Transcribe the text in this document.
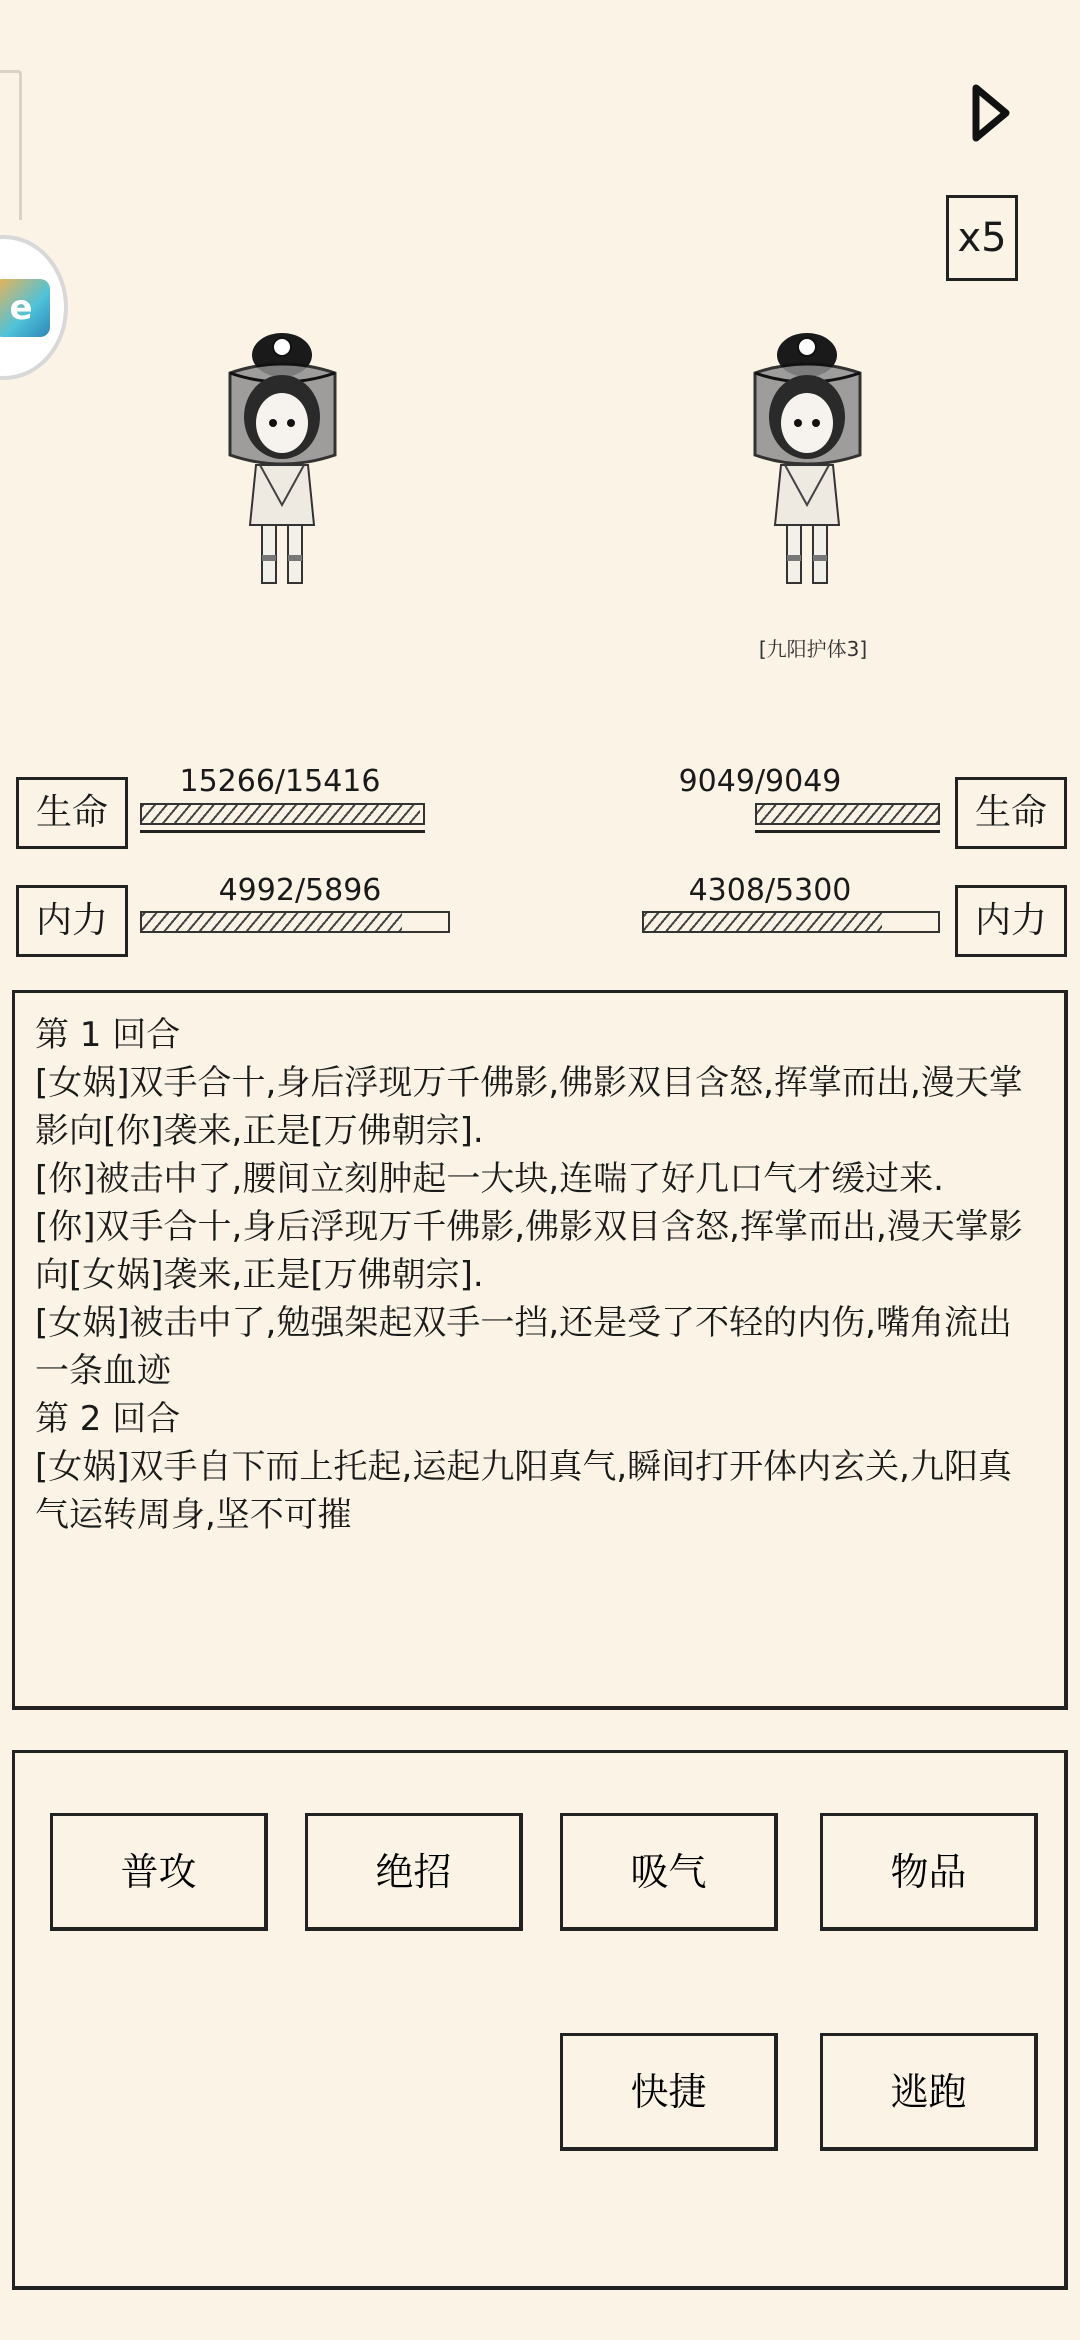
e
x5
[九阳护体3]
生命
15266/15416
内力
4992/5896
生命
9049/9049
内力
4308/5300
第 1 回合
[女娲]双手合十,身后浮现万千佛影,佛影双目含怒,挥掌而出,漫天掌影向[你]袭来,正是[万佛朝宗].
[你]被击中了,腰间立刻肿起一大块,连喘了好几口气才缓过来.
[你]双手合十,身后浮现万千佛影,佛影双目含怒,挥掌而出,漫天掌影向[女娲]袭来,正是[万佛朝宗].
[女娲]被击中了,勉强架起双手一挡,还是受了不轻的内伤,嘴角流出一条血迹
第 2 回合
[女娲]双手自下而上托起,运起九阳真气,瞬间打开体内玄关,九阳真气运转周身,坚不可摧
普攻	绝招	吸气	物品
快捷	逃跑
